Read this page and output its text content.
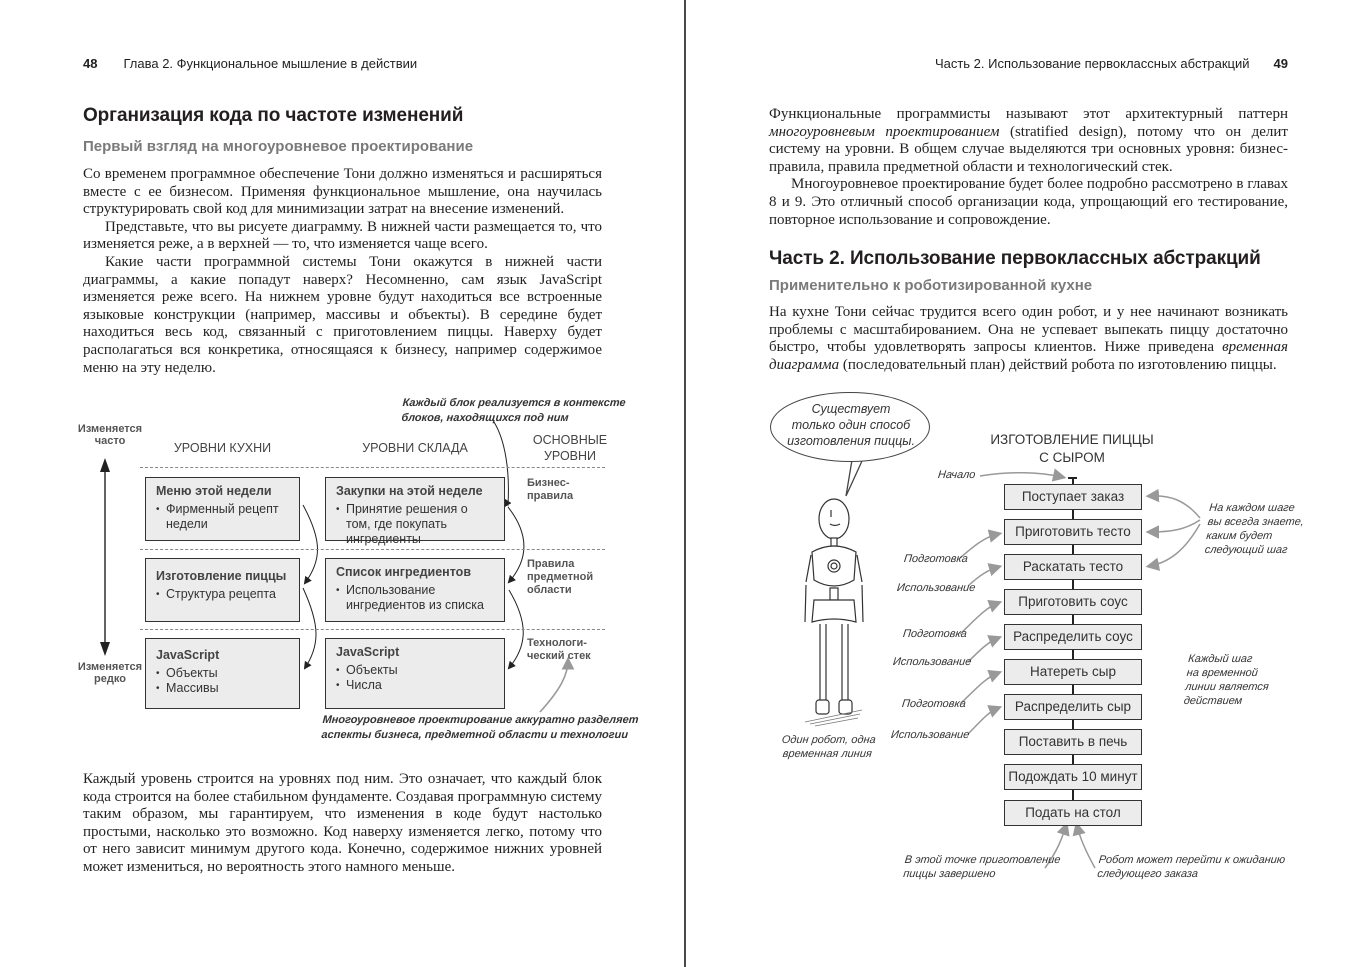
48 Глава 2. Функциональное мышление в действии
Организация кода по частоте изменений
Первый взгляд на многоуровневое проектирование

Со временем программное обеспечение Тони должно изменяться и расширяться вместе с ее бизнесом. Применяя функциональное мышление, она научилась структурировать свой код для минимизации затрат на внесение изменений.

Представьте, что вы рисуете диаграмму. В нижней части размещается то, что изменяется реже, а в верхней — то, что изменяется чаще всего.

Какие части программной системы Тони окажутся в нижней части диаграммы, а какие попадут наверх? Несомненно, сам язык JavaScript изменяется реже всего. На нижнем уровне будут находиться все встроенные языковые конструкции (например, массивы и объекты). В середине будет находиться весь код, связанный с приготовлением пиццы. Наверху будет располагаться вся конкретика, относящаяся к бизнесу, например содержимое меню на эту неделю.

Изменяется
часто
Изменяется
редко
Каждый блок реализуется в контексте
блоков, находящихся под ним
УРОВНИ КУХНИ	УРОВНИ СКЛАДА
ОСНОВНЫЕ
УРОВНИ
Меню этой недели
• Фирменный рецепт недели
Закупки на этой неделе
• Принятие решения о том, где покупать ингредиенты
Бизнес-
правила
Изготовление пиццы
• Структура рецепта
Список ингредиентов
• Использование ингредиентов из списка
Правила
предметной
области
JavaScript
• Объекты
• Массивы
JavaScript
• Объекты
• Числа
Технологи-
ческий стек
Многоуровневое проектирование аккуратно разделяет
аспекты бизнеса, предметной области и технологии

Каждый уровень строится на уровнях под ним. Это означает, что каждый блок кода строится на более стабильном фундаменте. Создавая программную систему таким образом, мы гарантируем, что изменения в коде будут настолько простыми, насколько это возможно. Код наверху изменяется легко, потому что от него зависит минимум другого кода. Конечно, содержимое нижних уровней может измениться, но вероятность этого намного меньше.

Часть 2. Использование первоклассных абстракций 49

Функциональные программисты называют этот архитектурный паттерн многоуровневым проектированием (stratified design), потому что он делит систему на уровни. В общем случае выделяются три основных уровня: бизнес-правила, правила предметной области и технологический стек.

Многоуровневое проектирование будет более подробно рассмотрено в главах 8 и 9. Это отличный способ организации кода, упрощающий его тестирование, повторное использование и сопровождение.

Часть 2. Использование первоклассных абстракций
Применительно к роботизированной кухне

На кухне Тони сейчас трудится всего один робот, и у нее начинают возникать проблемы с масштабированием. Она не успевает выпекать пиццу достаточно быстро, чтобы удовлетворять запросы клиентов. Ниже приведена временная диаграмма (последовательный план) действий робота по изготовлению пиццы.

Существует
только один способ
изготовления пиццы.
Один робот, одна
временная линия
ИЗГОТОВЛЕНИЕ ПИЦЦЫ
С СЫРОМ
Начало
Поступает заказ
Приготовить тесто
Раскатать тесто
Приготовить соус
Распределить соус
Натереть сыр
Распределить сыр
Поставить в печь
Подождать 10 минут
Подать на стол
Подготовка
Использование
Подготовка
Использование
Подготовка
Использование
На каждом шаге
вы всегда знаете,
каким будет
следующий шаг
Каждый шаг
на временной
линии является
действием
В этой точке приготовление
пиццы завершено
Робот может перейти к ожиданию
следующего заказа
